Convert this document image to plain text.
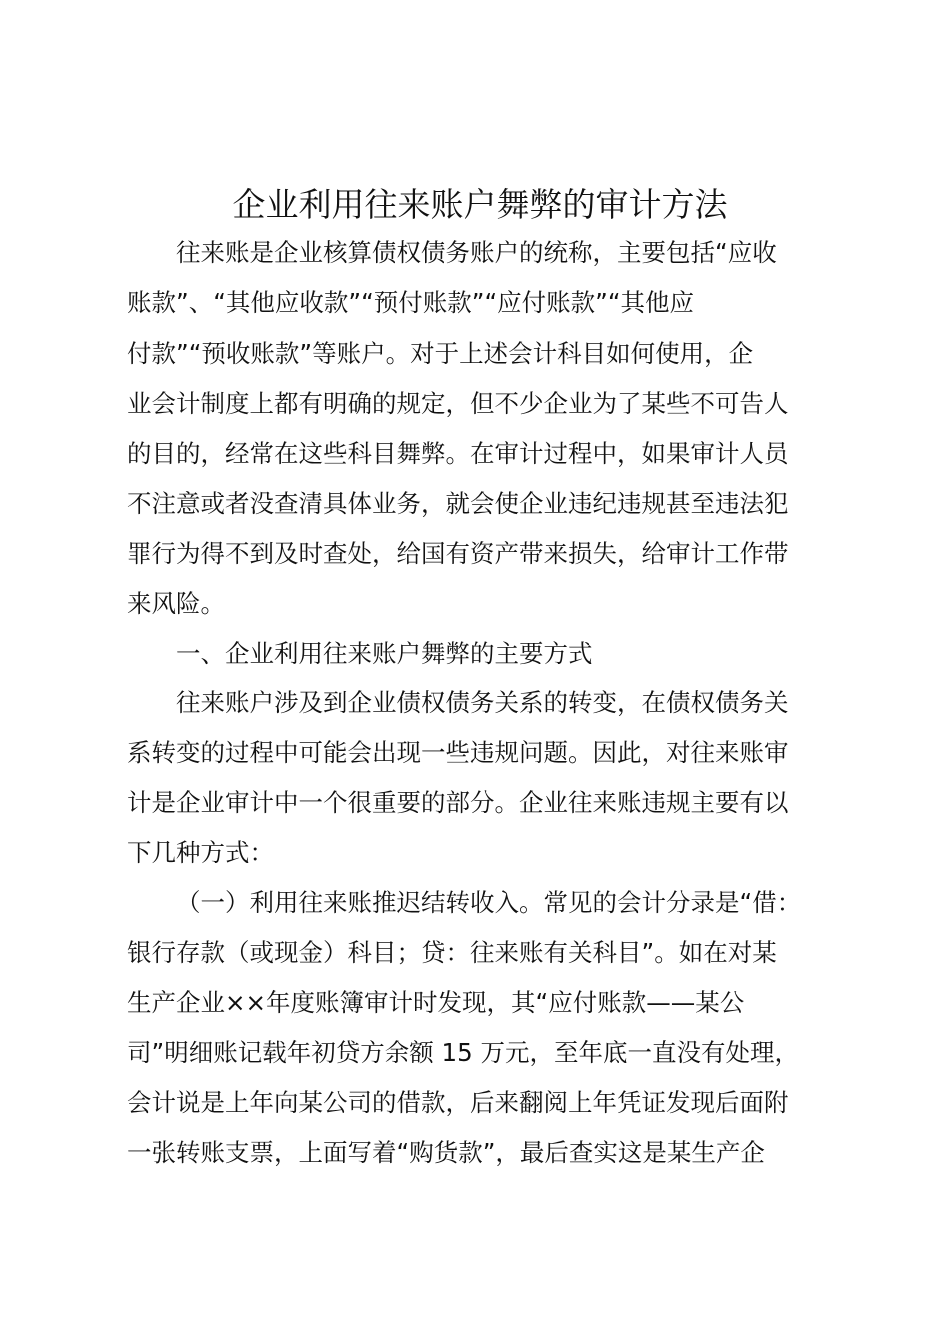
企业利用往来账户舞弊的审计方法

往来账是企业核算债权债务账户的统称，主要包括“应收

账款”、“其他应收款”“预付账款”“应付账款”“其他应

付款”“预收账款”等账户。对于上述会计科目如何使用，企

业会计制度上都有明确的规定，但不少企业为了某些不可告人

的目的，经常在这些科目舞弊。在审计过程中，如果审计人员

不注意或者没查清具体业务，就会使企业违纪违规甚至违法犯

罪行为得不到及时查处，给国有资产带来损失，给审计工作带

来风险。

一、企业利用往来账户舞弊的主要方式

往来账户涉及到企业债权债务关系的转变，在债权债务关

系转变的过程中可能会出现一些违规问题。因此，对往来账审

计是企业审计中一个很重要的部分。企业往来账违规主要有以

下几种方式：

（一）利用往来账推迟结转收入。常见的会计分录是“借：

银行存款（或现金）科目；贷：往来账有关科目”。如在对某

生产企业××年度账簿审计时发现，其“应付账款——某公

司”明细账记载年初贷方余额 15 万元，至年底一直没有处理，

会计说是上年向某公司的借款，后来翻阅上年凭证发现后面附

一张转账支票，上面写着“购货款”，最后查实这是某生产企
